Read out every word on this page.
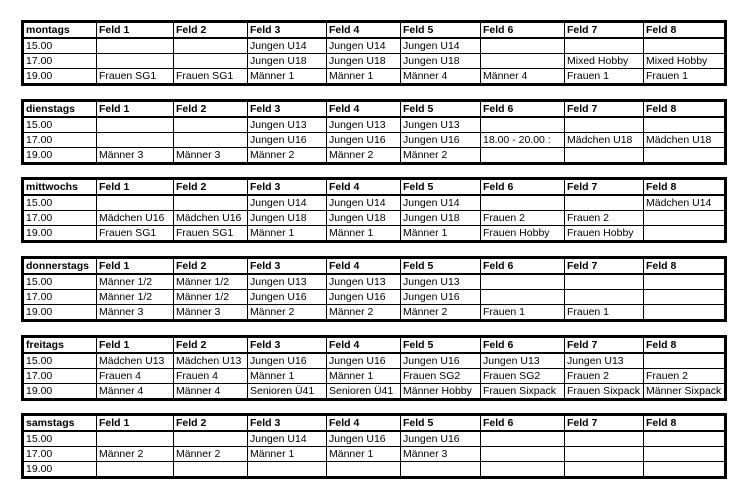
montags	Feld 1	Feld 2	Feld 3	Feld 4	Feld 5	Feld 6	Feld 7	Feld 8
15.00			Jungen U14	Jungen U14	Jungen U14			
17.00			Jungen U18	Jungen U18	Jungen U18		Mixed Hobby	Mixed Hobby
19.00	Frauen SG1	Frauen SG1	Männer 1	Männer 1	Männer 4	Männer 4	Frauen 1	Frauen 1
dienstags	Feld 1	Feld 2	Feld 3	Feld 4	Feld 5	Feld 6	Feld 7	Feld 8
15.00			Jungen U13	Jungen U13	Jungen U13			
17.00			Jungen U16	Jungen U16	Jungen U16	18.00 - 20.00 :	Mädchen U18	Mädchen U18
19.00	Männer 3	Männer 3	Männer 2	Männer 2	Männer 2			
mittwochs	Feld 1	Feld 2	Feld 3	Feld 4	Feld 5	Feld 6	Feld 7	Feld 8
15.00			Jungen U14	Jungen U14	Jungen U14			Mädchen U14
17.00	Mädchen U16	Mädchen U16	Jungen U18	Jungen U18	Jungen U18	Frauen 2	Frauen 2	
19.00	Frauen SG1	Frauen SG1	Männer 1	Männer 1	Männer 1	Frauen Hobby	Frauen Hobby	
donnerstags	Feld 1	Feld 2	Feld 3	Feld 4	Feld 5	Feld 6	Feld 7	Feld 8
15.00	Männer 1/2	Männer 1/2	Jungen U13	Jungen U13	Jungen U13			
17.00	Männer 1/2	Männer 1/2	Jungen U16	Jungen U16	Jungen U16			
19.00	Männer 3	Männer 3	Männer 2	Männer 2	Männer 2	Frauen 1	Frauen 1	
freitags	Feld 1	Feld 2	Feld 3	Feld 4	Feld 5	Feld 6	Feld 7	Feld 8
15.00	Mädchen U13	Mädchen U13	Jungen U16	Jungen U16	Jungen U16	Jungen U13	Jungen U13	
17.00	Frauen 4	Frauen 4	Männer 1	Männer 1	Frauen SG2	Frauen SG2	Frauen 2	Frauen 2
19.00	Männer 4	Männer 4	Senioren Ü41	Senioren Ü41	Männer Hobby	Frauen Sixpack	Frauen Sixpack	Männer Sixpack
samstags	Feld 1	Feld 2	Feld 3	Feld 4	Feld 5	Feld 6	Feld 7	Feld 8
15.00			Jungen U14	Jungen U16	Jungen U16			
17.00	Männer 2	Männer 2	Männer 1	Männer 1	Männer 3			
19.00								
